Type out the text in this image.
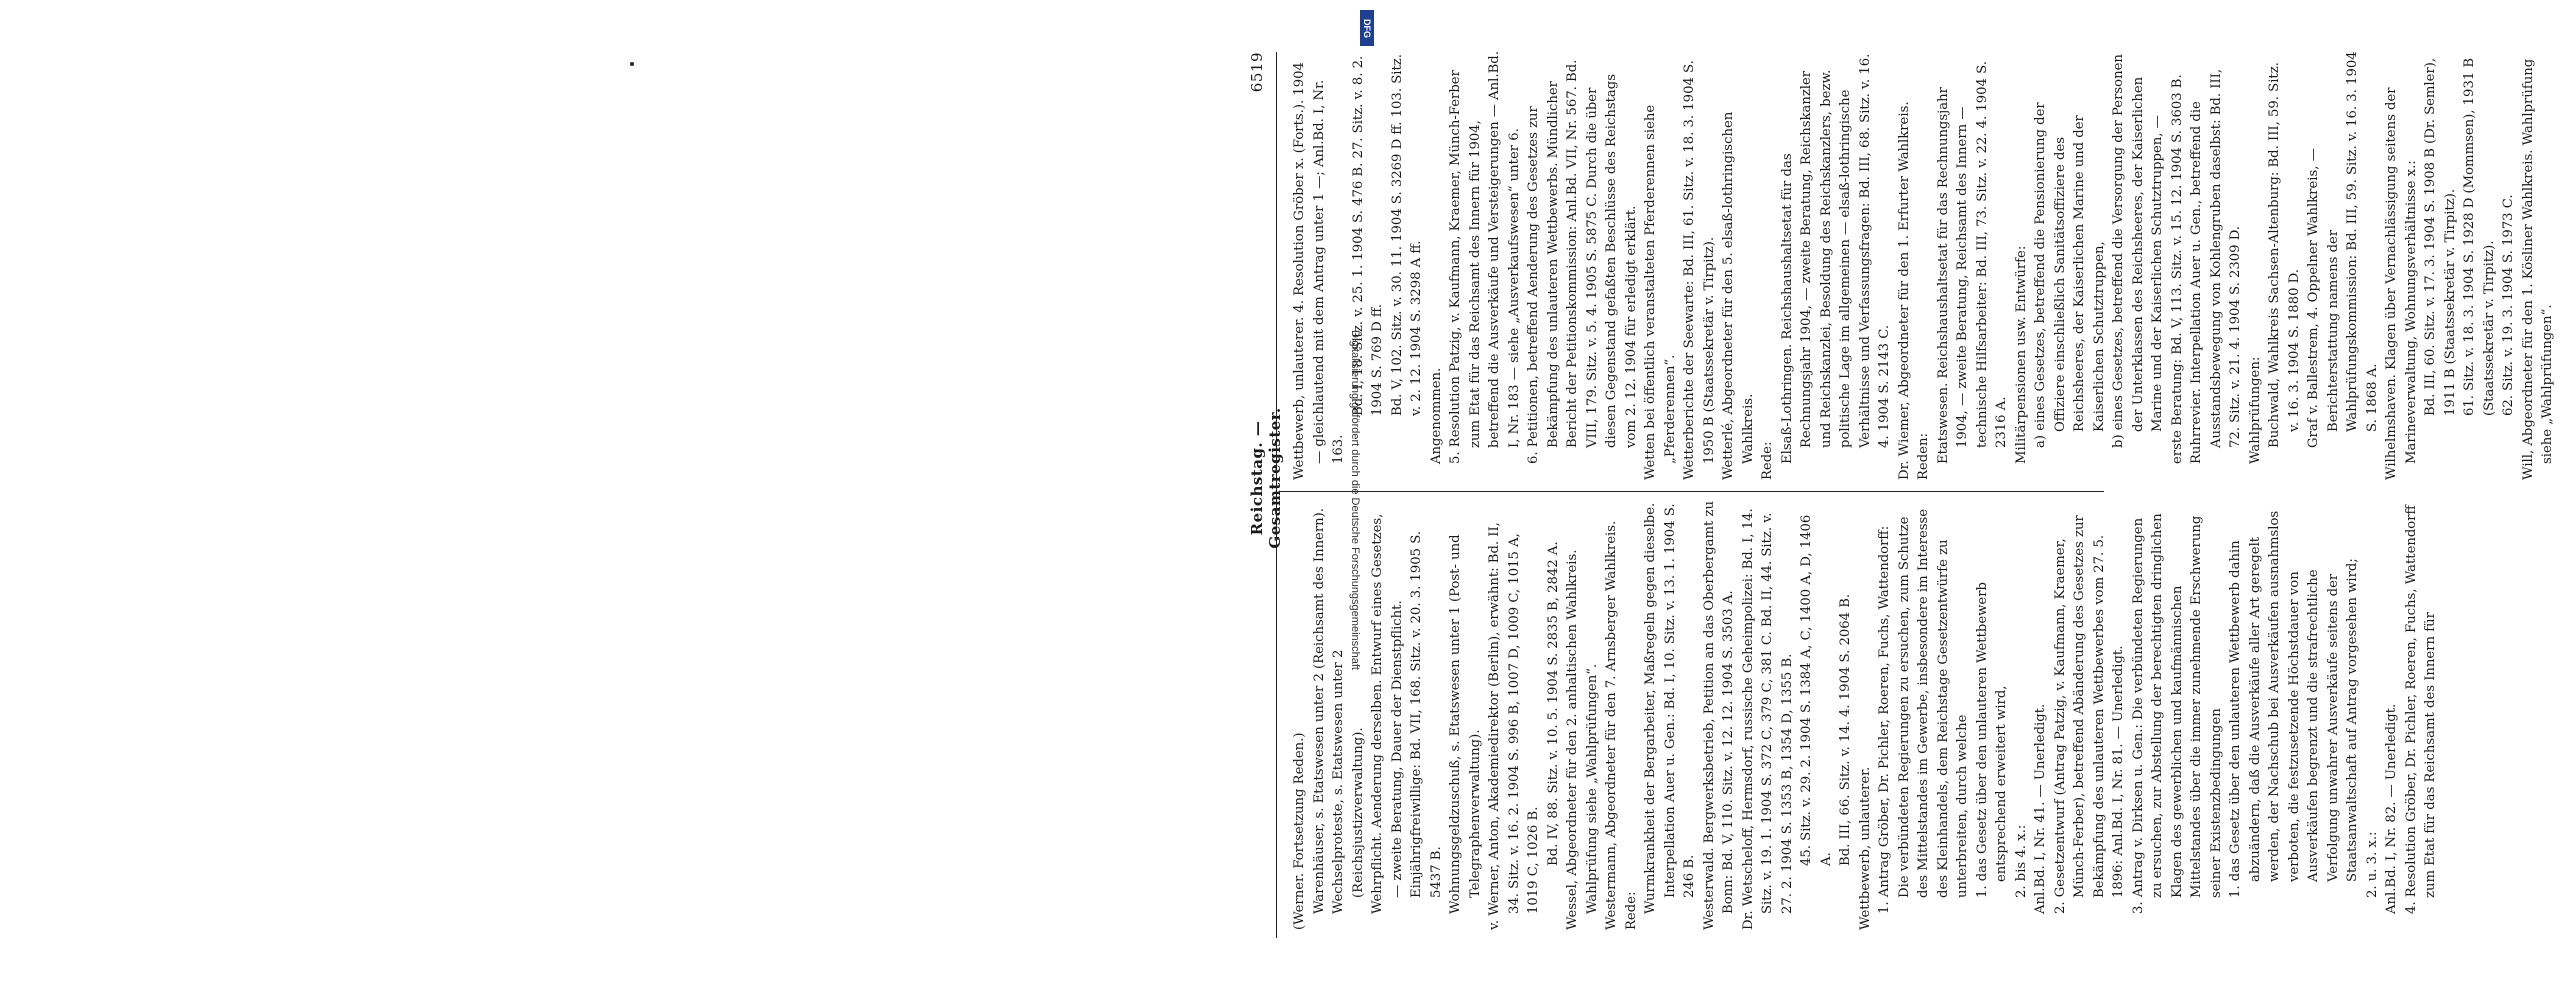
Reichstag. — Gesamtregister.
6519

(Werner. Fortsetzung Reden.) Warenhäuser, s. Etatswesen unter 2 (Reichsamt des Innern). Wechselproteste, s. Etatswesen unter 2 (Reichsjustizverwaltung). Wehrpflicht. Aenderung derselben. Entwurf eines Gesetzes, — zweite Beratung, Dauer der Dienstpflicht. Einjährigfreiwillige: Bd. VII, 168. Sitz. v. 20. 3. 1905 S. 5437 B. Wohnungsgeldzuschuß, s. Etatswesen unter 1 (Post- und Telegraphenverwaltung). v. Werner, Anton, Akademiedirektor (Berlin), erwähnt: Bd. II, 34. Sitz. v. 16. 2. 1904 S. 996 B, 1007 D, 1009 C, 1015 A, 1019 C, 1026 B. Bd. IV, 88. Sitz. v. 10. 5. 1904 S. 2835 B, 2842 A. Wessel, Abgeordneter für den 2. anhaltischen Wahlkreis. Wahlprüfung siehe „Wahlprüfungen“. Westermann, Abgeordneter für den 7. Arnsberger Wahlkreis. Rede: Wurmkrankheit der Bergarbeiter, Maßregeln gegen dieselbe. Interpellation Auer u. Gen.: Bd. I, 10. Sitz. v. 13. 1. 1904 S. 246 B. Westerwald. Bergwerksbetrieb, Petition an das Oberbergamt zu Bonn: Bd. V, 110. Sitz. v. 12. 12. 1904 S. 3503 A. Dr. Wetscheloff, Hermsdorf, russische Geheimpolizei: Bd. I, 14. Sitz. v. 19. 1. 1904 S. 372 C, 379 C, 381 C. Bd. II, 44. Sitz. v. 27. 2. 1904 S. 1353 B, 1354 D, 1355 B. 45. Sitz. v. 29. 2. 1904 S. 1384 A, C, 1400 A, D, 1406 A. Bd. III, 66. Sitz. v. 14. 4. 1904 S. 2064 B. Wettbewerb, unlauterer. 1. Antrag Gröber, Dr. Pichler, Roeren, Fuchs, Wattendorff: Die verbündeten Regierungen zu ersuchen, zum Schutze des Mittelstandes im Gewerbe, insbesondere im Interesse des Kleinhandels, dem Reichstage Gesetzentwürfe zu unterbreiten, durch welche 1. das Gesetz über den unlauteren Wettbewerb entsprechend erweitert wird, 2. bis 4. x.: Anl.Bd. I, Nr. 41. — Unerledigt. 2. Gesetzentwurf (Antrag Patzig, v. Kaufmann, Kraemer, Münch-Ferber), betreffend Abänderung des Gesetzes zur Bekämpfung des unlauteren Wettbewerbes vom 27. 5. 1896: Anl.Bd. I, Nr. 81. — Unerledigt. 3. Antrag v. Dirksen u. Gen.: Die verbündeten Regierungen zu ersuchen, zur Abstellung der berechtigten dringlichen Klagen des gewerblichen und kaufmännischen Mittelstandes über die immer zunehmende Erschwerung seiner Existenzbedingungen 1. das Gesetz über den unlauteren Wettbewerb dahin abzuändern, daß die Ausverkäufe aller Art geregelt werden, der Nachschub bei Ausverkäufen ausnahmslos verboten, die festzusetzende Höchstdauer von Ausverkäufen begrenzt und die strafrechtliche Verfolgung unwahrer Ausverkäufe seitens der Staatsanwaltschaft auf Antrag vorgesehen wird; 2. u. 3. x.: Anl.Bd. I, Nr. 82. — Unerledigt. 4. Resolution Gröber, Dr. Pichler, Roeren, Fuchs, Wattendorff zum Etat für das Reichsamt des Innern für

Wettbewerb, unlauterer. 4. Resolution Gröber x. (Forts.). 1904 — gleichlautend mit dem Antrag unter 1 —; Anl.Bd. I, Nr. 163.

Bd. I, 18. Sitz. v. 25. 1. 1904 S. 476 B. 27. Sitz. v. 8. 2. 1904 S. 769 D ff. Bd. V, 102. Sitz. v. 30. 11. 1904 S. 3269 D ff. 103. Sitz. v. 2. 12. 1904 S. 3298 A ff. Angenommen. 5. Resolution Patzig, v. Kaufmann, Kraemer, Münch-Ferber zum Etat für das Reichsamt des Innern für 1904, betreffend die Ausverkäufe und Versteigerungen — Anl.Bd. I, Nr. 183 — siehe „Ausverkaufswesen“ unter 6. 6. Petitionen, betreffend Aenderung des Gesetzes zur Bekämpfung des unlauteren Wettbewerbs. Mündlicher Bericht der Petitionskommission: Anl.Bd. VII, Nr. 567. Bd. VIII, 179. Sitz. v. 5. 4. 1905 S. 5875 C. Durch die über diesen Gegenstand gefaßten Beschlüsse des Reichstags vom 2. 12. 1904 für erledigt erklärt. Wetten bei öffentlich veranstalteten Pferderennen siehe „Pferderennen“. Wetterberichte der Seewarte: Bd. III, 61. Sitz. v. 18. 3. 1904 S. 1950 B (Staatssekretär v. Tirpitz). Wetterlé, Abgeordneter für den 5. elsaß-lothringischen Wahlkreis. Rede: Elsaß-Lothringen. Reichshaushaltsetat für das Rechnungsjahr 1904, — zweite Beratung, Reichskanzler und Reichskanzlei, Besoldung des Reichskanzlers, bezw. politische Lage im allgemeinen — elsaß-lothringische Verhältnisse und Verfassungsfragen: Bd. III, 68. Sitz. v. 16. 4. 1904 S. 2143 C. Dr. Wiemer, Abgeordneter für den 1. Erfurter Wahlkreis. Reden: Etatswesen. Reichshaushaltsetat für das Rechnungsjahr 1904, — zweite Beratung, Reichsamt des Innern — technische Hilfsarbeiter: Bd. III, 73. Sitz. v. 22. 4. 1904 S. 2316 A. Militärpensionen usw. Entwürfe: a) eines Gesetzes, betreffend die Pensionierung der Offiziere einschließlich Sanitätsoffiziere des Reichsheeres, der Kaiserlichen Marine und der Kaiserlichen Schutztruppen, b) eines Gesetzes, betreffend die Versorgung der Personen der Unterklassen des Reichsheeres, der Kaiserlichen Marine und der Kaiserlichen Schutztruppen, — erste Beratung: Bd. V, 113. Sitz. v. 15. 12. 1904 S. 3603 B. Ruhrrevier. Interpellation Auer u. Gen., betreffend die Ausstandsbewegung von Kohlengruben daselbst: Bd. III, 72. Sitz. v. 21. 4. 1904 S. 2309 D. Wahlprüfungen: Buchwald, Wahlkreis Sachsen-Altenburg: Bd. III, 59. Sitz. v. 16. 3. 1904 S. 1880 D. Graf v. Ballestrem, 4. Oppelner Wahlkreis, — Berichterstattung namens der Wahlprüfungskommission: Bd. III, 59. Sitz. v. 16. 3. 1904 S. 1868 A. Wilhelmshaven. Klagen über Vernachlässigung seitens der Marineverwaltung, Wohnungsverhältnisse x.: Bd. III, 60. Sitz. v. 17. 3. 1904 S. 1908 B (Dr. Semler), 1911 B (Staatssekretär v. Tirpitz). 61. Sitz. v. 18. 3. 1904 S. 1928 D (Mommsen), 1931 B (Staatssekretär v. Tirpitz). 62. Sitz. v. 19. 3. 1904 S. 1973 C. Will, Abgeordneter für den 1. Kösliner Wahlkreis. Wahlprüfung siehe „Wahlprüfungen“.

Digitalisierung gefördert durch die Deutsche Forschungsgemeinschaft
DFG
